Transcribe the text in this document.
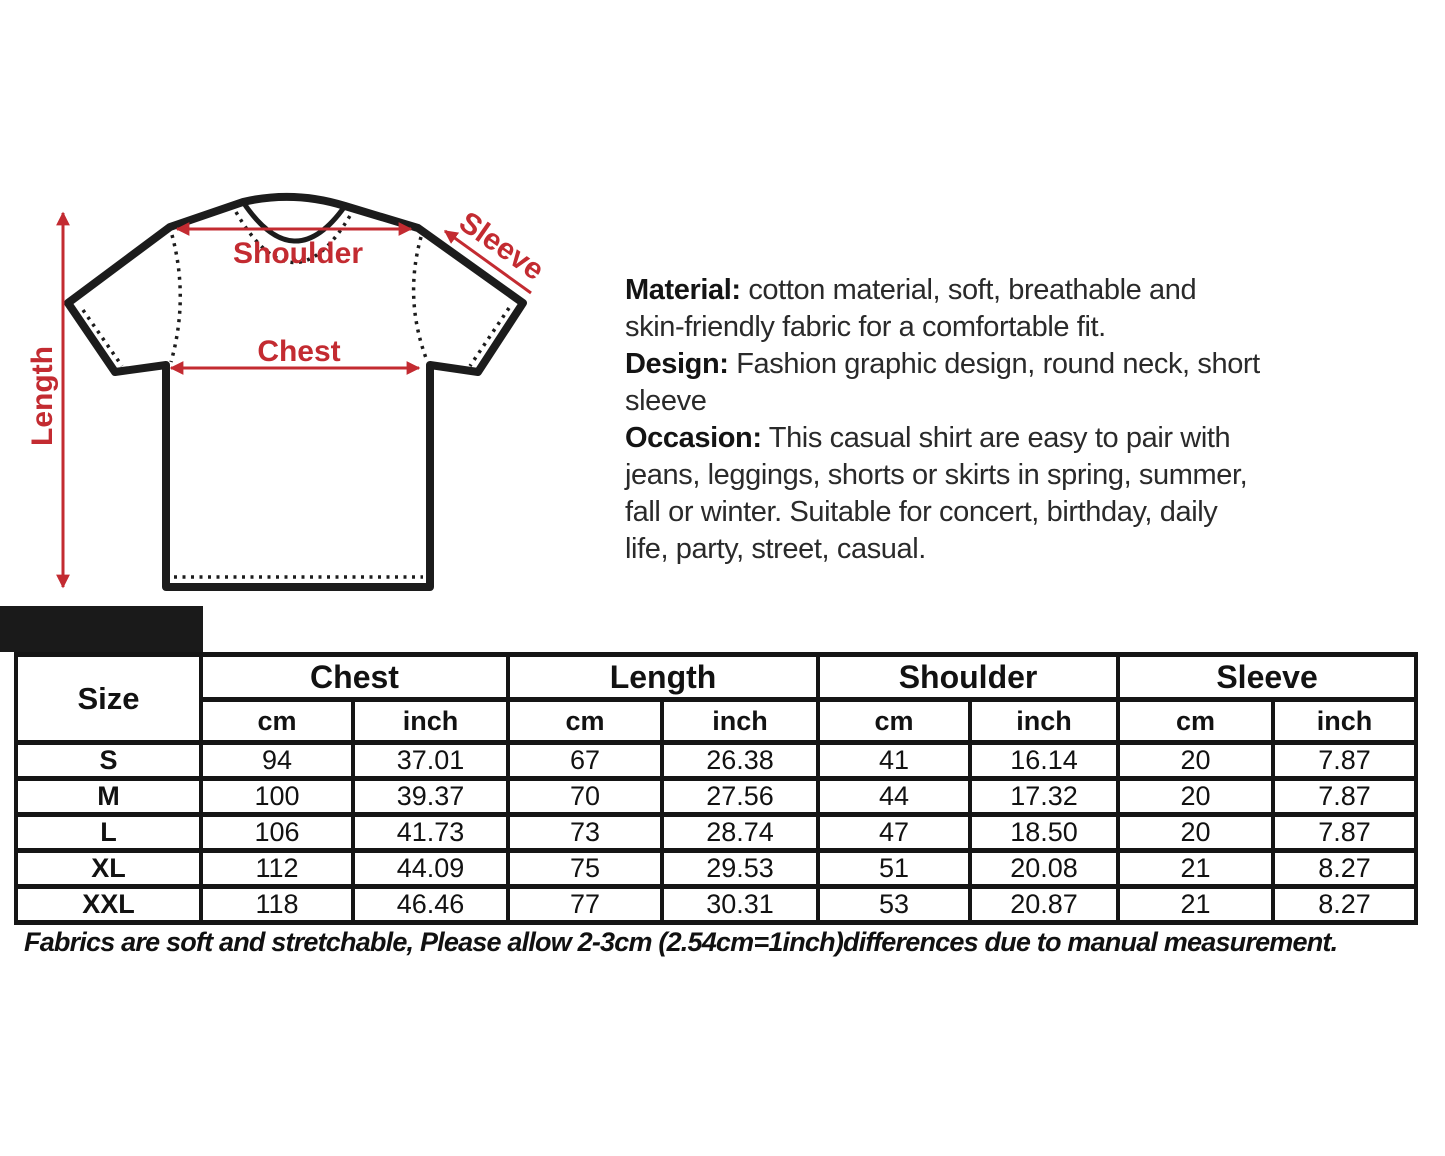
Length
Shoulder
Chest
Sleeve
Material: cotton material, soft, breathable and
skin-friendly fabric for a comfortable fit.
Design: Fashion graphic design, round neck, short
sleeve
Occasion: This casual shirt are easy to pair with
jeans, leggings, shorts or skirts in spring, summer,
fall or winter. Suitable for concert, birthday, daily
life, party, street, casual.
Size	Chest		Length		Shoulder		Sleeve	
	cm	inch	cm	inch	cm	inch	cm	inch
S	94	37.01	67	26.38	41	16.14	20	7.87
M	100	39.37	70	27.56	44	17.32	20	7.87
L	106	41.73	73	28.74	47	18.50	20	7.87
XL	112	44.09	75	29.53	51	20.08	21	8.27
XXL	118	46.46	77	30.31	53	20.87	21	8.27
Fabrics are soft and stretchable, Please allow 2-3cm (2.54cm=1inch)differences due to manual measurement.
